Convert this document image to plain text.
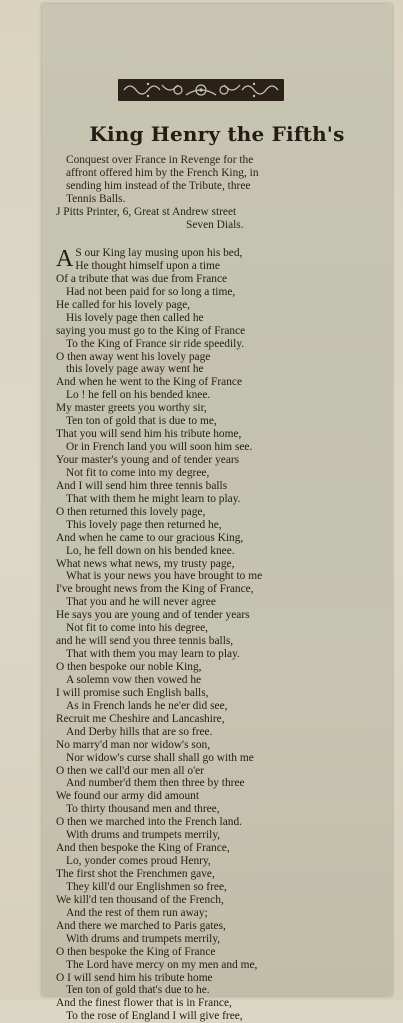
King Henry the Fifth's
Conquest over France in Revenge for the
affront offered him by the French King, in
sending him instead of the Tribute, three
Tennis Balls.
J Pitts Printer, 6, Great st Andrew street
Seven Dials.
A S our King lay musing upon his bed,
He thought himself upon a time
Of a tribute that was due from France
Had not been paid for so long a time,
He called for his lovely page,
His lovely page then called he
saying you must go to the King of France
To the King of France sir ride speedily.
O then away went his lovely page
this lovely page away went he
And when he went to the King of France
Lo ! he fell on his bended knee.
My master greets you worthy sir,
Ten ton of gold that is due to me,
That you will send him his tribute home,
Or in French land you will soon him see.
Your master's young and of tender years
Not fit to come into my degree,
And I will send him three tennis balls
That with them he might learn to play.
O then returned this lovely page,
This lovely page then returned he,
And when he came to our gracious King,
Lo, he fell down on his bended knee.
What news what news, my trusty page,
What is your news you have brought to me
I've brought news from the King of France,
That you and he will never agree
He says you are young and of tender years
Not fit to come into his degree,
and he will send you three tennis balls,
That with them you may learn to play.
O then bespoke our noble King,
A solemn vow then vowed he
I will promise such English balls,
As in French lands he ne'er did see,
Recruit me Cheshire and Lancashire,
And Derby hills that are so free.
No marry'd man nor widow's son,
Nor widow's curse shall shall go with me
O then we call'd our men all o'er
And number'd them then three by three
We found our army did amount
To thirty thousand men and three,
O then we marched into the French land.
With drums and trumpets merrily,
And then bespoke the King of France,
Lo, yonder comes proud Henry,
The first shot the Frenchmen gave,
They kill'd our Englishmen so free,
We kill'd ten thousand of the French,
And the rest of them run away;
And there we marched to Paris gates,
With drums and trumpets merrily,
O then bespoke the King of France
The Lord have mercy on my men and me,
O I will send him his tribute home
Ten ton of gold that's due to he.
And the finest flower that is in France,
To the rose of England I will give free,
